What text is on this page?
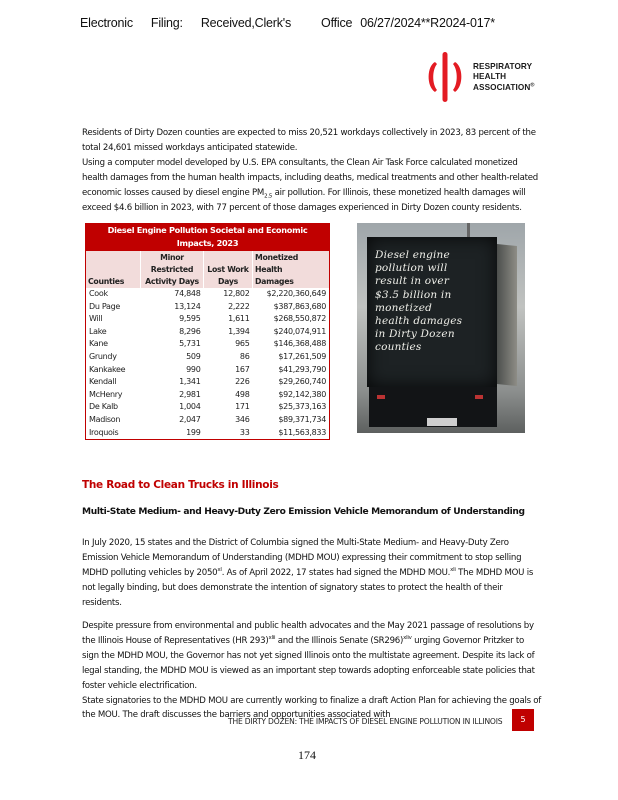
Electronic Filing: Received,Clerk's Office 06/27/2024**R2024-017*
RESPIRATORY
HEALTH
ASSOCIATION®

Residents of Dirty Dozen counties are expected to miss 20,521 workdays collectively in 2023, 83 percent of the total 24,601 missed workdays anticipated statewide.

Using a computer model developed by U.S. EPA consultants, the Clean Air Task Force calculated monetized health damages from the human health impacts, including deaths, medical treatments and other health-related economic losses caused by diesel engine $PM_{2.5}$ air pollution. For Illinois, these monetized health damages will exceed $4.6 billion in 2023, with 77 percent of those damages experienced in Dirty Dozen county residents.

Diesel Engine Pollution Societal and Economic Impacts, 2023			
Counties	
Minor
Restricted
Activity Days

Lost Work
Days

Monetized Health
Damages

Cook	74,848	12,802	$2,220,360,649
Du Page	13,124	2,222	$387,863,680
Will	9,595	1,611	$268,550,872
Lake	8,296	1,394	$240,074,911
Kane	5,731	965	$146,368,488
Grundy	509	86	$17,261,509
Kankakee	990	167	$41,293,790
Kendall	1,341	226	$29,260,740
McHenry	2,981	498	$92,142,380
De Kalb	1,004	171	$25,373,163
Madison	2,047	346	$89,371,734
Iroquois	199	33	$11,563,833
Diesel engine
pollution will
result in over
$3.5 billion in
monetized
health damages
in Dirty Dozen
counties
The Road to Clean Trucks in Illinois
Multi-State Medium- and Heavy-Duty Zero Emission Vehicle Memorandum of Understanding

In July 2020, 15 states and the District of Columbia signed the Multi-State Medium- and Heavy-Duty Zero Emission Vehicle Memorandum of Understanding (MDHD MOU) expressing their commitment to stop selling MDHD polluting vehicles by $2050^{xl}$. As of April 2022, 17 states had signed the MDHD MOU.$^{xli}$ The MDHD MOU is not legally binding, but does demonstrate the intention of signatory states to protect the health of their residents.

Despite pressure from environmental and public health advocates and the May 2021 passage of resolutions by the Illinois House of Representatives (HR 293)$^{xlii}$ and the Illinois Senate $(SR296)^{xliv}$ urging Governor Pritzker to sign the MDHD MOU, the Governor has not yet signed Illinois onto the multistate agreement. Despite its lack of legal standing, the MDHD MOU is viewed as an important step towards adopting enforceable state policies that foster vehicle electrification.

State signatories to the MDHD MOU are currently working to finalize a draft Action Plan for achieving the goals of the MOU. The draft discusses the barriers and opportunities associated with

THE DIRTY DOZEN: THE IMPACTS OF DIESEL ENGINE POLLUTION IN ILLINOIS	5
174
